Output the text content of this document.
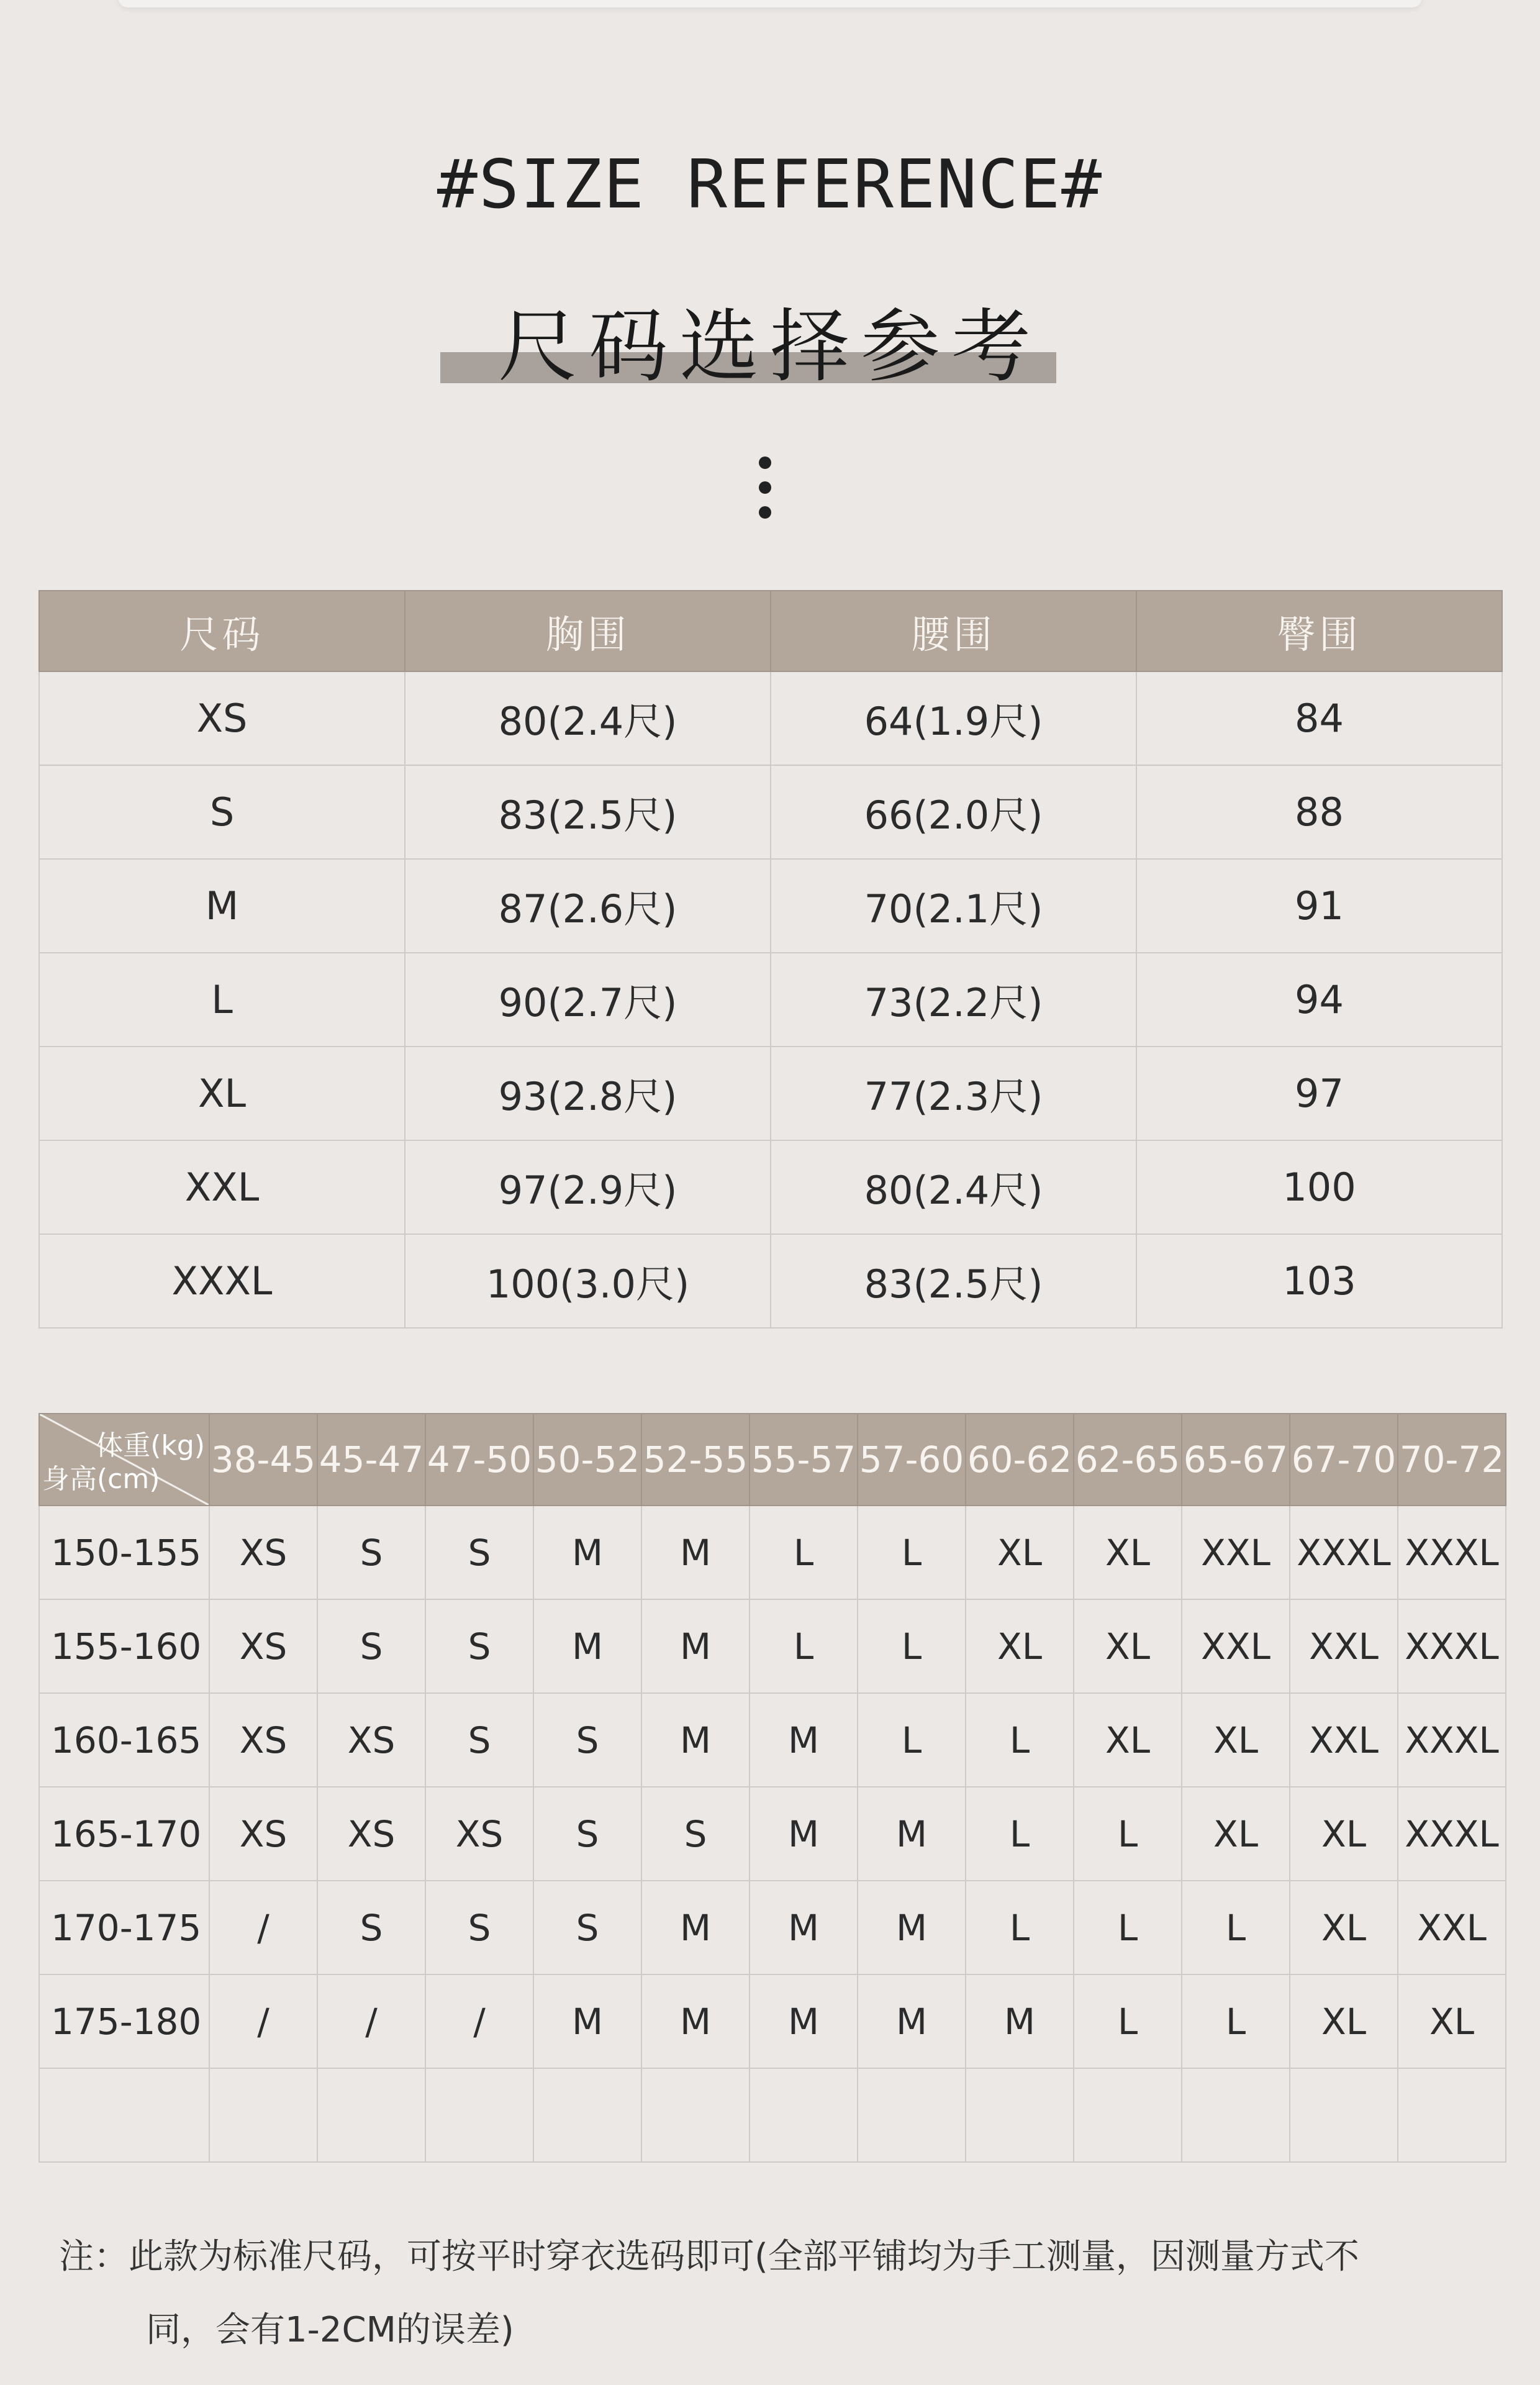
#SIZE REFERENCE#
尺码选择参考
尺码	胸围	腰围	臀围
XS	80(2.4尺)	64(1.9尺)	84
S	83(2.5尺)	66(2.0尺)	88
M	87(2.6尺)	70(2.1尺)	91
L	90(2.7尺)	73(2.2尺)	94
XL	93(2.8尺)	77(2.3尺)	97
XXL	97(2.9尺)	80(2.4尺)	100
XXXL	100(3.0尺)	83(2.5尺)	103
体重(kg)
身高(cm)	38-45	45-47	47-50	50-52	52-55	55-57	57-60	60-62	62-65	65-67	67-70	70-72
150-155	XS	S	S	M	M	L	L	XL	XL	XXL	XXXL	XXXL
155-160	XS	S	S	M	M	L	L	XL	XL	XXL	XXL	XXXL
160-165	XS	XS	S	S	M	M	L	L	XL	XL	XXL	XXXL
165-170	XS	XS	XS	S	S	M	M	L	L	XL	XL	XXXL
170-175	/	S	S	S	M	M	M	L	L	L	XL	XXL
175-180	/	/	/	M	M	M	M	M	L	L	XL	XL

注：此款为标准尺码，可按平时穿衣选码即可(全部平铺均为手工测量，因测量方式不
同，会有1-2CM的误差)
